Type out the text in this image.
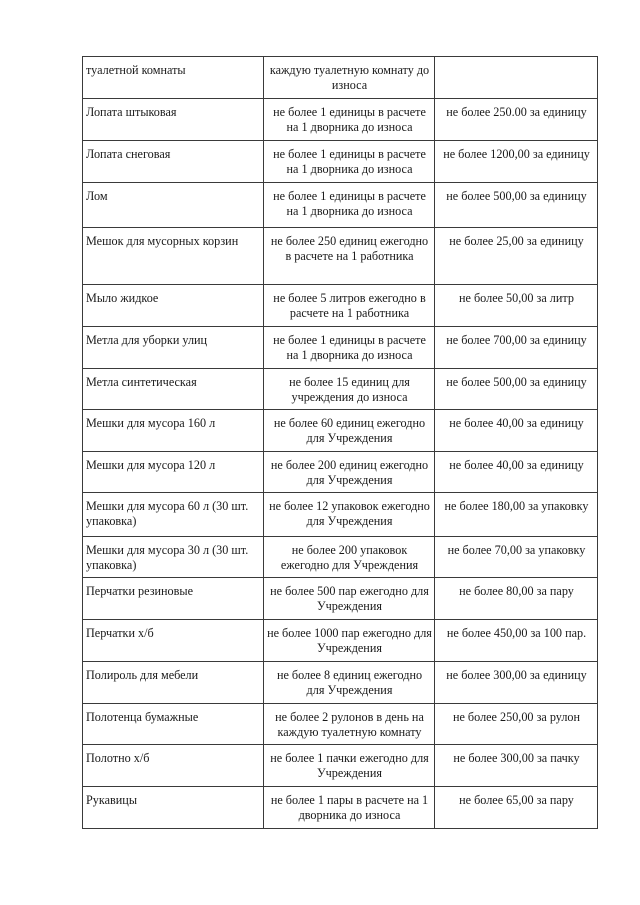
туалетной комнаты	каждую туалетную комнату до износа	
Лопата штыковая	не более 1 единицы в расчете на 1 дворника до износа	не более 250.00 за единицу
Лопата снеговая	не более 1 единицы в расчете на 1 дворника до износа	не более 1200,00 за единицу
Лом	не более 1 единицы в расчете на 1 дворника до износа	не более 500,00 за единицу
Мешок для мусорных корзин	не более 250 единиц ежегодно в расчете на 1 работника	не более 25,00 за единицу
Мыло жидкое	не более 5 литров ежегодно в расчете на 1 работника	не более 50,00 за литр
Метла для уборки улиц	не более 1 единицы в расчете на 1 дворника до износа	не более 700,00 за единицу
Метла синтетическая	не более 15 единиц для учреждения до износа	не более 500,00 за единицу
Мешки для мусора 160 л	не более 60 единиц ежегодно для Учреждения	не более 40,00 за единицу
Мешки для мусора 120 л	не более 200 единиц ежегодно для Учреждения	не более 40,00 за единицу
Мешки для мусора 60 л (30 шт. упаковка)	не более 12 упаковок ежегодно для Учреждения	не более 180,00 за упаковку
Мешки для мусора 30 л (30 шт. упаковка)	не более 200 упаковок ежегодно для Учреждения	не более 70,00 за упаковку
Перчатки резиновые	не более 500 пар ежегодно для Учреждения	не более 80,00 за пару
Перчатки х/б	не более 1000 пар ежегодно для Учреждения	не более 450,00 за 100 пар.
Полироль для мебели	не более 8 единиц ежегодно для Учреждения	не более 300,00 за единицу
Полотенца бумажные	не более 2 рулонов в день на каждую туалетную комнату	не более 250,00 за рулон
Полотно х/б	не более 1 пачки ежегодно для Учреждения	не более 300,00 за пачку
Рукавицы	не более 1 пары в расчете на 1 дворника до износа	не более 65,00 за пару
